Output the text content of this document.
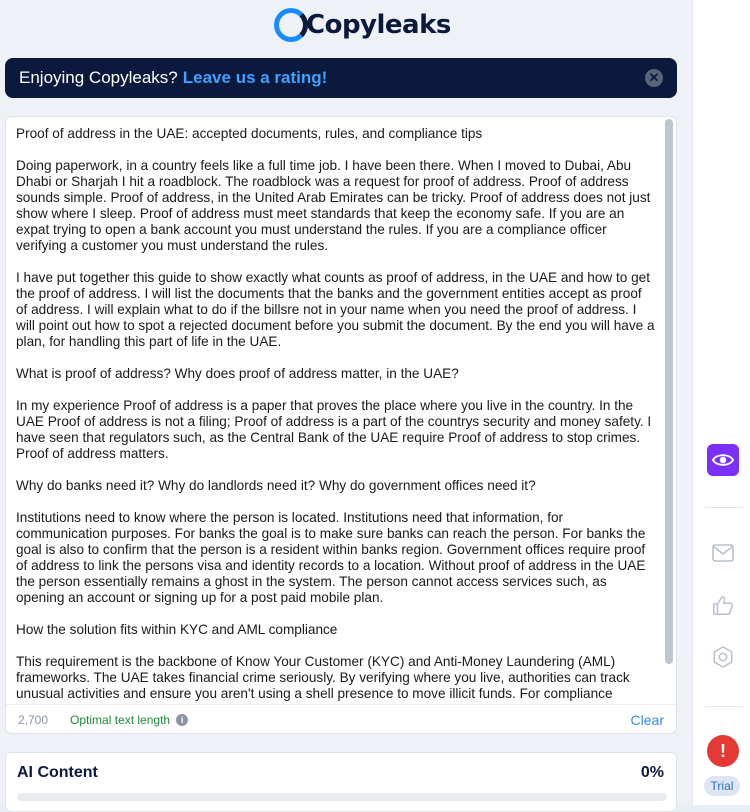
Copyleaks
Enjoying Copyleaks? Leave us a rating!	✕
Proof of address in the UAE: accepted documents, rules, and compliance tips

Doing paperwork, in a country feels like a full time job. I have been there. When I moved to Dubai, Abu Dhabi or Sharjah I hit a roadblock. The roadblock was a request for proof of address. Proof of address sounds simple. Proof of address, in the United Arab Emirates can be tricky. Proof of address does not just show where I sleep. Proof of address must meet standards that keep the economy safe. If you are an expat trying to open a bank account you must understand the rules. If you are a compliance officer verifying a customer you must understand the rules.

I have put together this guide to show exactly what counts as proof of address, in the UAE and how to get the proof of address. I will list the documents that the banks and the government entities accept as proof of address. I will explain what to do if the billsre not in your name when you need the proof of address. I will point out how to spot a rejected document before you submit the document. By the end you will have a plan, for handling this part of life in the UAE.

What is proof of address? Why does proof of address matter, in the UAE?

In my experience Proof of address is a paper that proves the place where you live in the country. In the UAE Proof of address is not a filing; Proof of address is a part of the countrys security and money safety. I have seen that regulators such, as the Central Bank of the UAE require Proof of address to stop crimes. Proof of address matters.

Why do banks need it? Why do landlords need it? Why do government offices need it?

Institutions need to know where the person is located. Institutions need that information, for communication purposes. For banks the goal is to make sure banks can reach the person. For banks the goal is also to confirm that the person is a resident within banks region. Government offices require proof of address to link the persons visa and identity records to a location. Without proof of address in the UAE the person essentially remains a ghost in the system. The person cannot access services such, as opening an account or signing up for a post paid mobile plan.

How the solution fits within KYC and AML compliance

This requirement is the backbone of Know Your Customer (KYC) and Anti-Money Laundering (AML) frameworks. The UAE takes financial crime seriously. By verifying where you live, authorities can track unusual activities and ensure you aren't using a shell presence to move illicit funds. For compliance
2,700 Optimal text length	i	Clear
AI Content	0%
!
Trial
